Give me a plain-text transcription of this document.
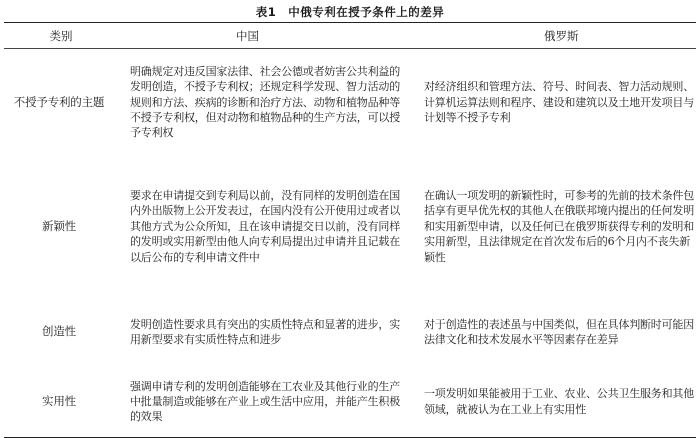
表1 中俄专利在授予条件上的差异
类别	中国	俄罗斯
不授予专利的主题	明确规定对违反国家法律、社会公德或者妨害公共利益的发明创造，不授予专利权；还规定科学发现、智力活动的规则和方法、疾病的诊断和治疗方法、动物和植物品种等不授予专利权，但对动物和植物品种的生产方法，可以授予专利权	对经济组织和管理方法、符号、时间表、智力活动规则、计算机运算法则和程序、建设和建筑以及土地开发项目与计划等不授予专利
新颖性	要求在申请提交到专利局以前，没有同样的发明创造在国内外出版物上公开发表过，在国内没有公开使用过或者以其他方式为公众所知，且在该申请提交日以前，没有同样的发明或实用新型由他人向专利局提出过申请并且记载在以后公布的专利申请文件中	在确认一项发明的新颖性时，可参考的先前的技术条件包括享有更早优先权的其他人在俄联邦境内提出的任何发明和实用新型申请，以及任何已在俄罗斯获得专利的发明和实用新型，且法律规定在首次发布后的6个月内不丧失新颖性
创造性	发明创造性要求具有突出的实质性特点和显著的进步，实用新型要求有实质性特点和进步	对于创造性的表述虽与中国类似，但在具体判断时可能因法律文化和技术发展水平等因素存在差异
实用性	强调申请专利的发明创造能够在工农业及其他行业的生产中批量制造或能够在产业上或生活中应用，并能产生积极的效果	一项发明如果能被用于工业、农业、公共卫生服务和其他领域，就被认为在工业上有实用性
